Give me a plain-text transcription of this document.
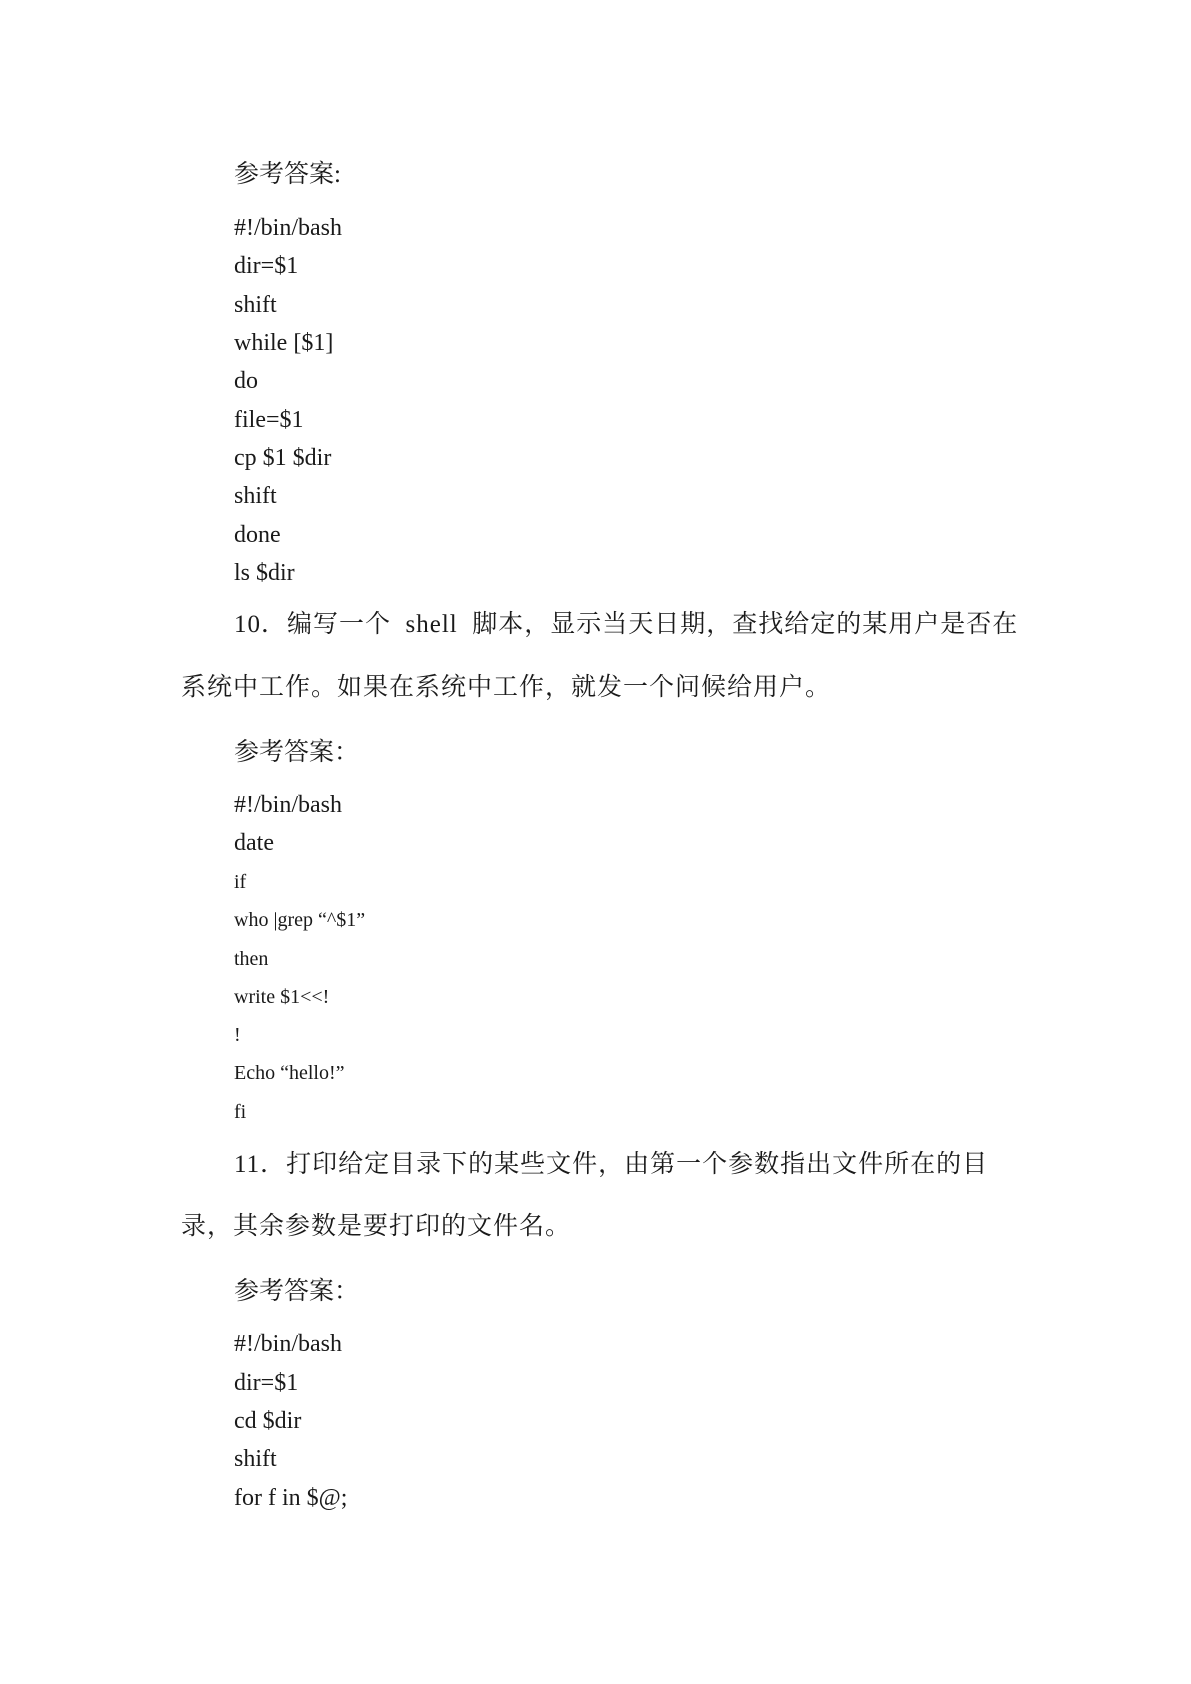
参考答案:
#!/bin/bash
dir=$1
shift
while [$1]
do
file=$1
cp $1 $dir
shift
done
ls $dir
10．编写一个  shell  脚本，显示当天日期，查找给定的某用户是否在
系统中工作。如果在系统中工作，就发一个问候给用户。
参考答案：
#!/bin/bash
date
if
who |grep “^$1”
then
write $1<<!
!
Echo “hello!”
fi
11．打印给定目录下的某些文件，由第一个参数指出文件所在的目
录，其余参数是要打印的文件名。
参考答案：
#!/bin/bash
dir=$1
cd $dir
shift
for f in $@;
